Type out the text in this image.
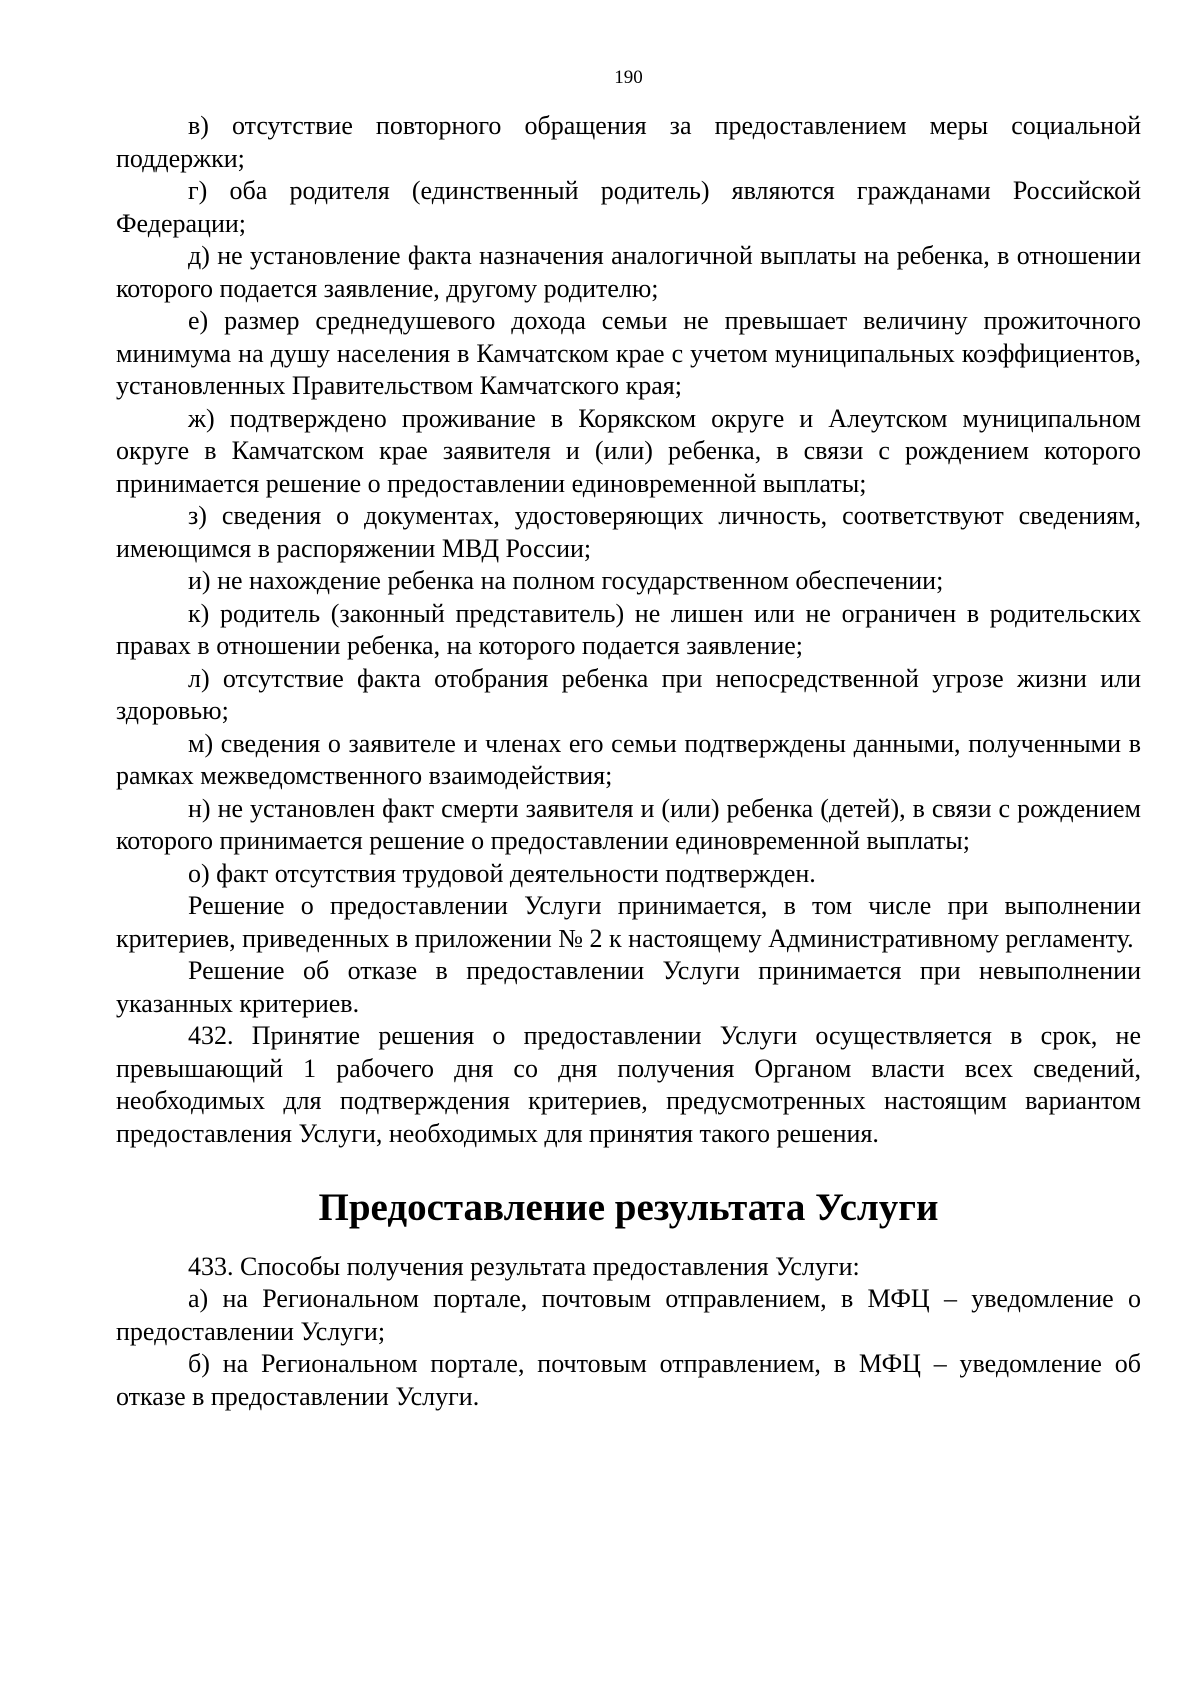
190

в) отсутствие повторного обращения за предоставлением меры социальной поддержки;

г) оба родителя (единственный родитель) являются гражданами Российской Федерации;

д) не установление факта назначения аналогичной выплаты на ребенка, в отношении которого подается заявление, другому родителю;

е) размер среднедушевого дохода семьи не превышает величину прожиточного минимума на душу населения в Камчатском крае с учетом муниципальных коэффициентов, установленных Правительством Камчатского края;

ж) подтверждено проживание в Корякском округе и Алеутском муниципальном округе в Камчатском крае заявителя и (или) ребенка, в связи с рождением которого принимается решение о предоставлении единовременной выплаты;

з) сведения о документах, удостоверяющих личность, соответствуют сведениям, имеющимся в распоряжении МВД России;

и) не нахождение ребенка на полном государственном обеспечении;

к) родитель (законный представитель) не лишен или не ограничен в родительских правах в отношении ребенка, на которого подается заявление;

л) отсутствие факта отобрания ребенка при непосредственной угрозе жизни или здоровью;

м) сведения о заявителе и членах его семьи подтверждены данными, полученными в рамках межведомственного взаимодействия;

н) не установлен факт смерти заявителя и (или) ребенка (детей), в связи с рождением которого принимается решение о предоставлении единовременной выплаты;

о) факт отсутствия трудовой деятельности подтвержден.

Решение о предоставлении Услуги принимается, в том числе при выполнении критериев, приведенных в приложении № 2 к настоящему Административному регламенту.

Решение об отказе в предоставлении Услуги принимается при невыполнении указанных критериев.

432. Принятие решения о предоставлении Услуги осуществляется в срок, не превышающий 1 рабочего дня со дня получения Органом власти всех сведений, необходимых для подтверждения критериев, предусмотренных настоящим вариантом предоставления Услуги, необходимых для принятия такого решения.

Предоставление результата Услуги

433. Способы получения результата предоставления Услуги:

а) на Региональном портале, почтовым отправлением, в МФЦ – уведомление о предоставлении Услуги;

б) на Региональном портале, почтовым отправлением, в МФЦ – уведомление об отказе в предоставлении Услуги.
